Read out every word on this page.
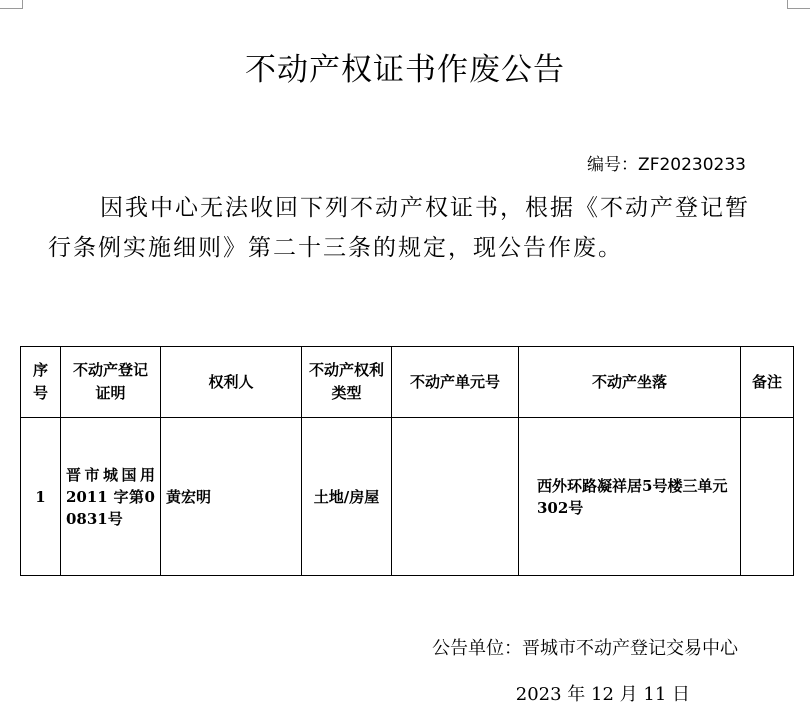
不动产权证书作废公告
编号：ZF20230233
因我中心无法收回下列不动产权证书，根据《不动产登记暂行条例实施细则》第二十三条的规定，现公告作废。
序号	不动产登记证明	权利人	不动产权利类型	不动产单元号	不动产坐落	备注
1	晋市城国用 2011 字第00831号	黄宏明	土地/房屋		西外环路凝祥居5号楼三单元302号	
公告单位：晋城市不动产登记交易中心
2023 年 12 月 11 日
